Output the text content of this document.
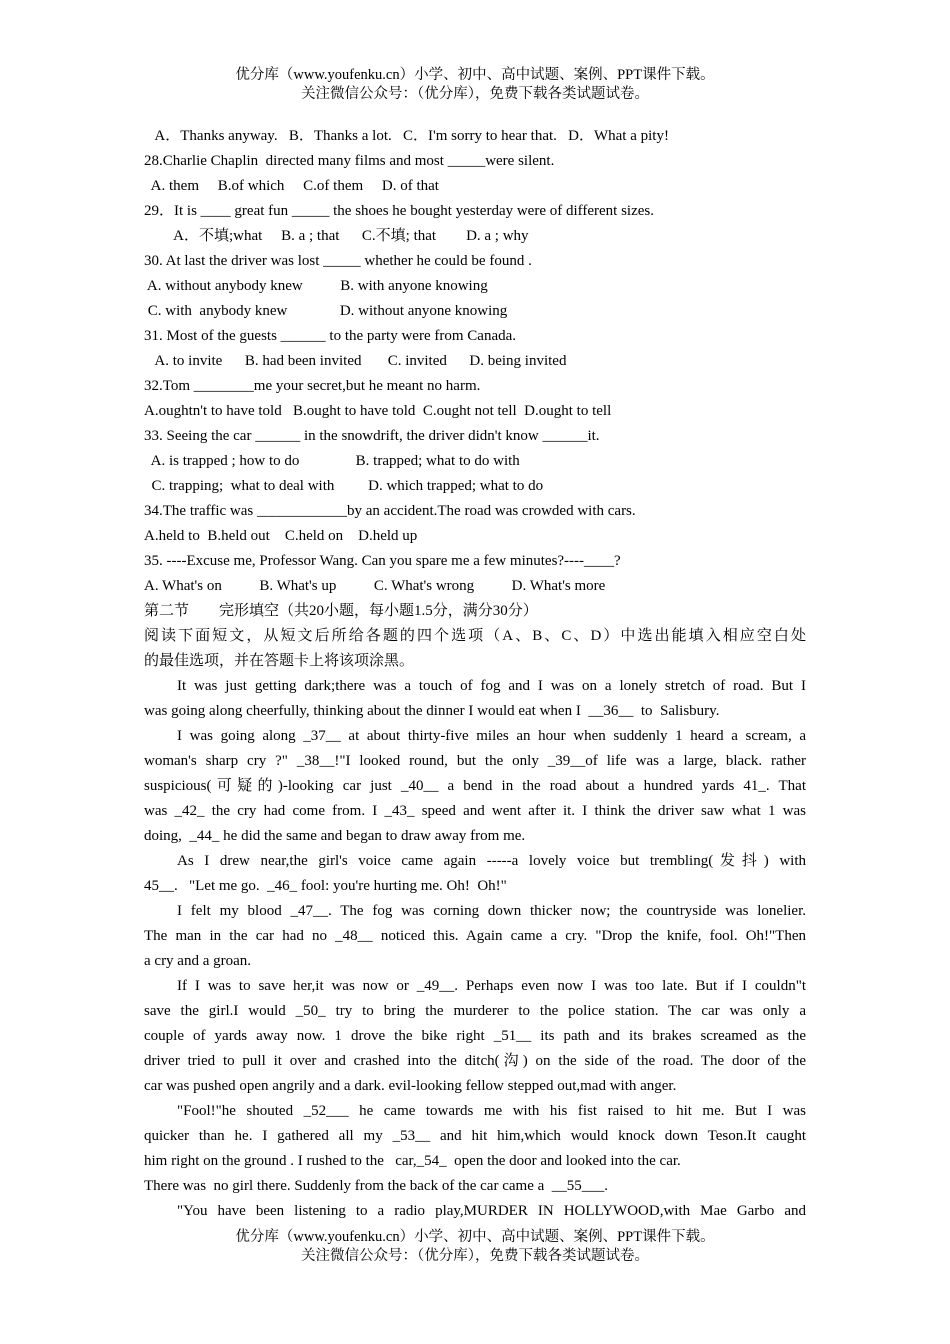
优分库（www.youfenku.cn）小学、初中、高中试题、案例、PPT课件下载。
关注微信公众号：（优分库），免费下载各类试题试卷。
A．Thanks anyway.   B．Thanks a lot.   C．I'm sorry to hear that.   D．What a pity!
28.Charlie Chaplin  directed many films and most _____were silent.
A. them     B.of which     C.of them     D. of that
29．It is ____ great fun _____ the shoes he bought yesterday were of different sizes.
A．不填;what     B. a ; that      C.不填; that        D. a ; why
30. At last the driver was lost _____ whether he could be found .
A. without anybody knew          B. with anyone knowing
C. with  anybody knew              D. without anyone knowing
31. Most of the guests ______ to the party were from Canada.
A. to invite      B. had been invited       C. invited      D. being invited
32.Tom ________me your secret,but he meant no harm.
A.oughtn't to have told   B.ought to have told  C.ought not tell  D.ought to tell
33. Seeing the car ______ in the snowdrift, the driver didn't know ______it.
A. is trapped ; how to do               B. trapped; what to do with
C. trapping;  what to deal with         D. which trapped; what to do
34.The traffic was ____________by an accident.The road was crowded with cars.
A.held to  B.held out    C.held on    D.held up
35. ----Excuse me, Professor Wang. Can you spare me a few minutes?----____?
A. What's on          B. What's up          C. What's wrong          D. What's more
第二节        完形填空（共20小题，每小题1.5分，满分30分）
阅读下面短文，从短文后所给各题的四个选项（A、B、C、D）中选出能填入相应空白处
的最佳选项，并在答题卡上将该项涂黑。
It was just getting dark;there was a touch of fog and I was on a lonely stretch of road. But I
was going along cheerfully, thinking about the dinner I would eat when I  __36__  to  Salisbury.
I was going along _37__ at about thirty-five miles an hour when suddenly 1 heard a scream, a
woman's sharp cry ?" _38__!"I looked round, but the only _39__of life was a large, black. rather
suspicious(可疑的)-looking car just _40__ a bend in the road about a hundred yards 41_. That
was _42_ the cry had come from. I _43_ speed and went after it. I think the driver saw what 1 was
doing,  _44_ he did the same and began to draw away from me.
As I drew near,the girl's voice came again -----a lovely voice but trembling(发抖) with
45__.   "Let me go.  _46_ fool: you're hurting me. Oh!  Oh!"
I felt my blood _47__. The fog was corning down thicker now; the countryside was lonelier.
The man in the car had no _48__ noticed this. Again came a cry. "Drop the knife, fool. Oh!"Then
a cry and a groan.
If I was to save her,it was now or _49__. Perhaps even now I was too late. But if I couldn"t
save the girl.I would _50_ try to bring the murderer to the police station. The car was only a
couple of yards away now. 1 drove the bike right _51__ its path and its brakes screamed as the
driver tried to pull it over and crashed into the ditch(沟) on the side of the road. The door of the
car was pushed open angrily and a dark. evil-looking fellow stepped out,mad with anger.
"Fool!"he shouted _52___ he came towards me with his fist raised to hit me. But I was
quicker than he. I gathered all my _53__ and hit him,which would knock down Teson.It caught
him right on the ground . I rushed to the   car,_54_  open the door and looked into the car.
There was  no girl there. Suddenly from the back of the car came a  __55___.
"You have been listening to a radio play,MURDER IN HOLLYWOOD,with Mae Garbo and
优分库（www.youfenku.cn）小学、初中、高中试题、案例、PPT课件下载。
关注微信公众号：（优分库），免费下载各类试题试卷。
